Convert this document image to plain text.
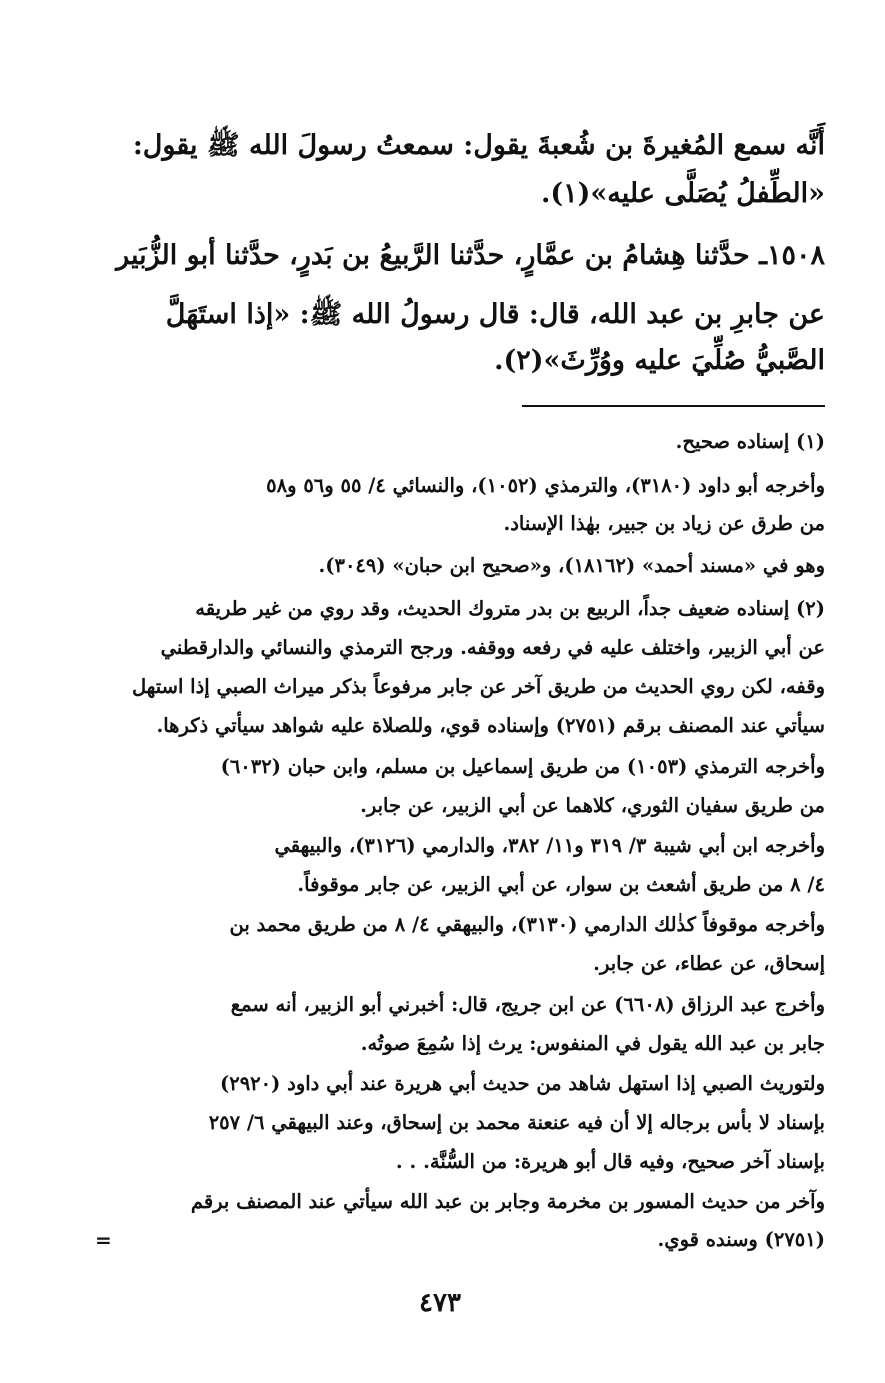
أَنَّه سمع المُغيرةَ بن شُعبةَ يقول: سمعتُ رسولَ الله ﷺ يقول:
«الطِّفلُ يُصَلَّى عليه»(١).
١٥٠٨ـ حدَّثنا هِشامُ بن عمَّارٍ، حدَّثنا الرَّبيعُ بن بَدرٍ، حدَّثنا أبو الزُّبَير
عن جابرِ بن عبد الله، قال: قال رسولُ الله ﷺ: «إذا استَهَلَّ
الصَّبيُّ صُلِّيَ عليه ووُرِّثَ»(٢).
(١) إسناده صحيح.
وأخرجه أبو داود (٣١٨٠)، والترمذي (١٠٥٢)، والنسائي ٤/ ٥٥ و٥٦ و٥٨
من طرق عن زياد بن جبير، بهٰذا الإسناد.
وهو في «مسند أحمد» (١٨١٦٢)، و«صحيح ابن حبان» (٣٠٤٩).
(٢) إسناده ضعيف جداً، الربيع بن بدر متروك الحديث، وقد روي من غير طريقه
عن أبي الزبير، واختلف عليه في رفعه ووقفه. ورجح الترمذي والنسائي والدارقطني
وقفه، لكن روي الحديث من طريق آخر عن جابر مرفوعاً بذكر ميراث الصبي إذا استهل
سيأتي عند المصنف برقم (٢٧٥١) وإسناده قوي، وللصلاة عليه شواهد سيأتي ذكرها.
وأخرجه الترمذي (١٠٥٣) من طريق إسماعيل بن مسلم، وابن حبان (٦٠٣٢)
من طريق سفيان الثوري، كلاهما عن أبي الزبير، عن جابر.
وأخرجه ابن أبي شيبة ٣/ ٣١٩ و١١/ ٣٨٢، والدارمي (٣١٢٦)، والبيهقي
٤/ ٨ من طريق أشعث بن سوار، عن أبي الزبير، عن جابر موقوفاً.
وأخرجه موقوفاً كذٰلك الدارمي (٣١٣٠)، والبيهقي ٤/ ٨ من طريق محمد بن
إسحاق، عن عطاء، عن جابر.
وأخرج عبد الرزاق (٦٦٠٨) عن ابن جريج، قال: أخبرني أبو الزبير، أنه سمع
جابر بن عبد الله يقول في المنفوس: يرث إذا سُمِعَ صوتُه.
ولتوريث الصبي إذا استهل شاهد من حديث أبي هريرة عند أبي داود (٢٩٢٠)
بإسناد لا بأس برجاله إلا أن فيه عنعنة محمد بن إسحاق، وعند البيهقي ٦/ ٢٥٧
بإسناد آخر صحيح، وفيه قال أبو هريرة: من السُّنَّة. . .
وآخر من حديث المسور بن مخرمة وجابر بن عبد الله سيأتي عند المصنف برقم
(٢٧٥١) وسنده قوي.
=
٤٧٣
